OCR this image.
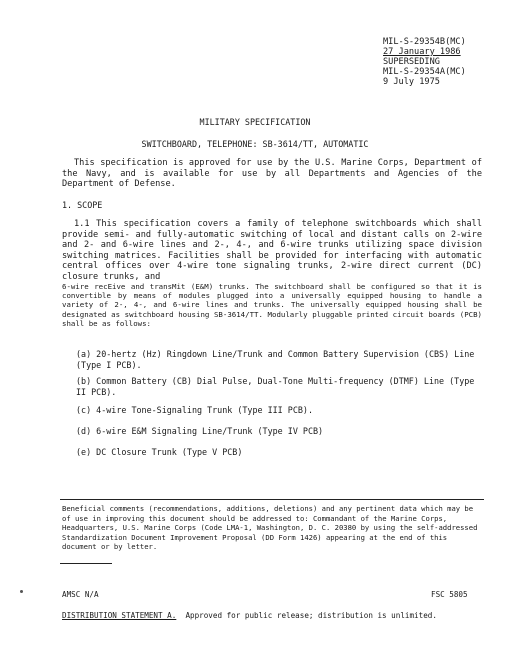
MIL-S-29354B(MC)
27 January 1986
SUPERSEDING
MIL-S-29354A(MC)
9 July 1975
MILITARY SPECIFICATION
SWITCHBOARD, TELEPHONE: SB-3614/TT, AUTOMATIC
This specification is approved for use by the U.S. Marine Corps, Department of the Navy, and is available for use by all Departments and Agencies of the Department of Defense.
1. SCOPE
1.1 This specification covers a family of telephone switchboards which shall provide semi- and fully-automatic switching of local and distant calls on 2-wire and 2- and 6-wire lines and 2-, 4-, and 6-wire trunks utilizing space division switching matrices. Facilities shall be provided for interfacing with automatic central offices over 4-wire tone signaling trunks, 2-wire direct current (DC) closure trunks, and
6-wire recEive and transMit (E&M) trunks. The switchboard shall be configured so that it is convertible by means of modules plugged into a universally equipped housing to handle a variety of 2-, 4-, and 6-wire lines and trunks. The universally equipped housing shall be designated as switchboard housing SB-3614/TT. Modularly pluggable printed circuit boards (PCB) shall be as follows:
(a) 20-hertz (Hz) Ringdown Line/Trunk and Common Battery Supervision (CBS) Line (Type I PCB).
(b) Common Battery (CB) Dial Pulse, Dual-Tone Multi-frequency (DTMF) Line (Type II PCB).
(c) 4-wire Tone-Signaling Trunk (Type III PCB).
(d) 6-wire E&M Signaling Line/Trunk (Type IV PCB)
(e) DC Closure Trunk (Type V PCB)
Beneficial comments (recommendations, additions, deletions) and any pertinent data which may be of use in improving this document should be addressed to: Commandant of the Marine Corps, Headquarters, U.S. Marine Corps (Code LMA-1, Washington, D. C. 20380 by using the self-addressed Standardization Document Improvement Proposal (DD Form 1426) appearing at the end of this document or by letter.
AMSC N/A	FSC 5805
DISTRIBUTION STATEMENT A. Approved for public release; distribution is unlimited.
